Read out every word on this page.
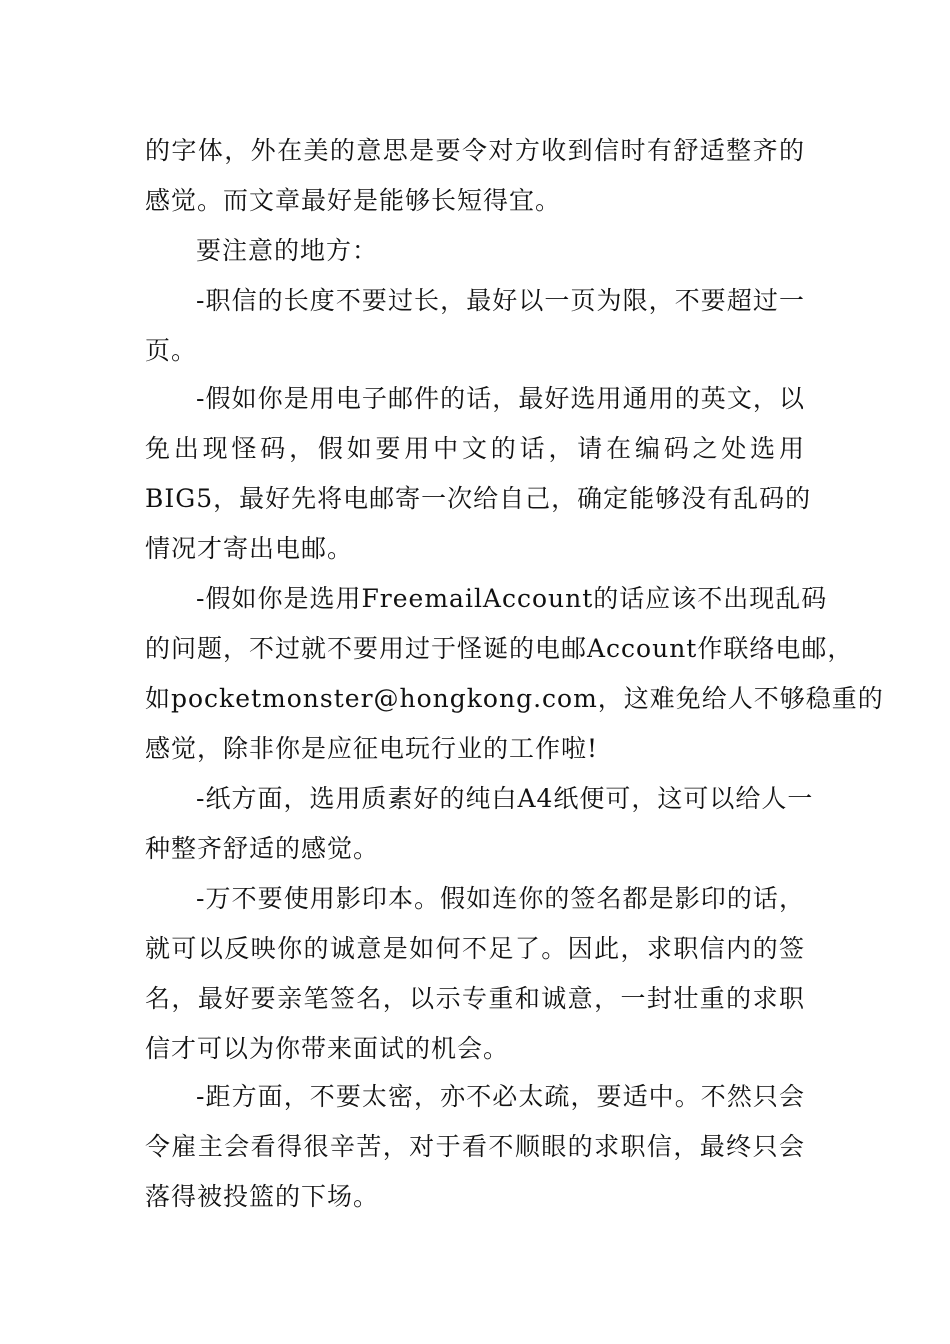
的字体，外在美的意思是要令对方收到信时有舒适整齐的
感觉。而文章最好是能够长短得宜。
要注意的地方：
-职信的长度不要过长，最好以一页为限，不要超过一
页。
-假如你是用电子邮件的话，最好选用通用的英文，以
免出现怪码，假如要用中文的话，请在编码之处选用
BIG5，最好先将电邮寄一次给自己，确定能够没有乱码的
情况才寄出电邮。
-假如你是选用FreemailAccount的话应该不出现乱码
的问题，不过就不要用过于怪诞的电邮Account作联络电邮，
如pocketmonster@hongkong.com，这难免给人不够稳重的
感觉，除非你是应征电玩行业的工作啦!
-纸方面，选用质素好的纯白A4纸便可，这可以给人一
种整齐舒适的感觉。
-万不要使用影印本。假如连你的签名都是影印的话，
就可以反映你的诚意是如何不足了。因此，求职信内的签
名，最好要亲笔签名，以示专重和诚意，一封壮重的求职
信才可以为你带来面试的机会。
-距方面，不要太密，亦不必太疏，要适中。不然只会
令雇主会看得很辛苦，对于看不顺眼的求职信，最终只会
落得被投篮的下场。
